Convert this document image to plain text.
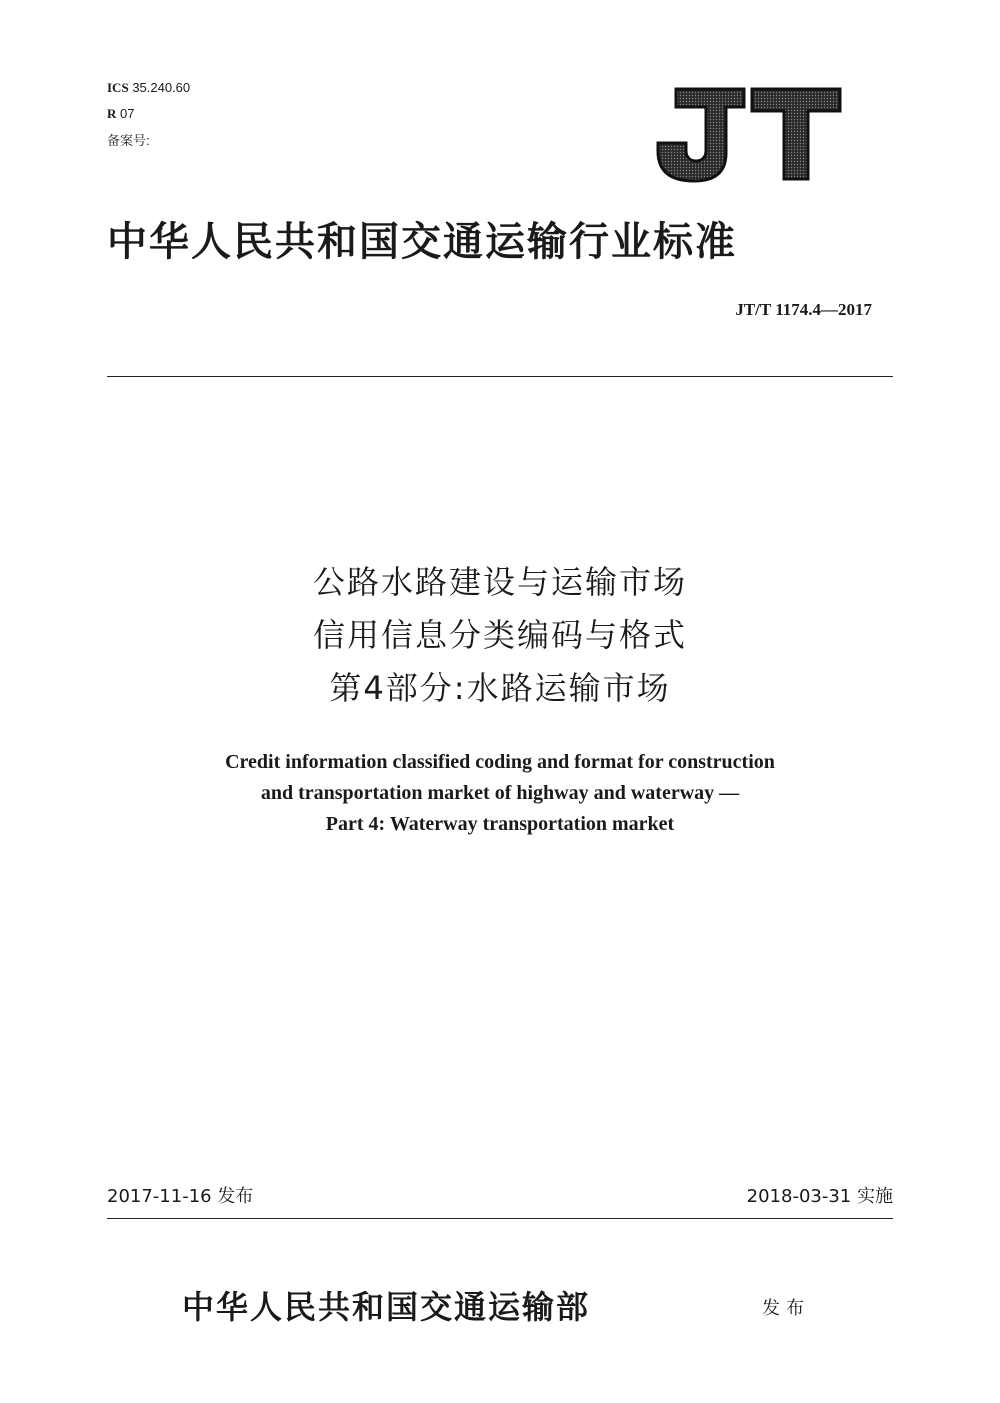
ICS 35.240.60
R 07
备案号:
中华人民共和国交通运输行业标准
JT/T 1174.4—2017
公路水路建设与运输市场
信用信息分类编码与格式
第4部分:水路运输市场
Credit information classified coding and format for construction
and transportation market of highway and waterway —
Part 4: Waterway transportation market
2017-11-16 发布	2018-03-31 实施
中华人民共和国交通运输部	发布
